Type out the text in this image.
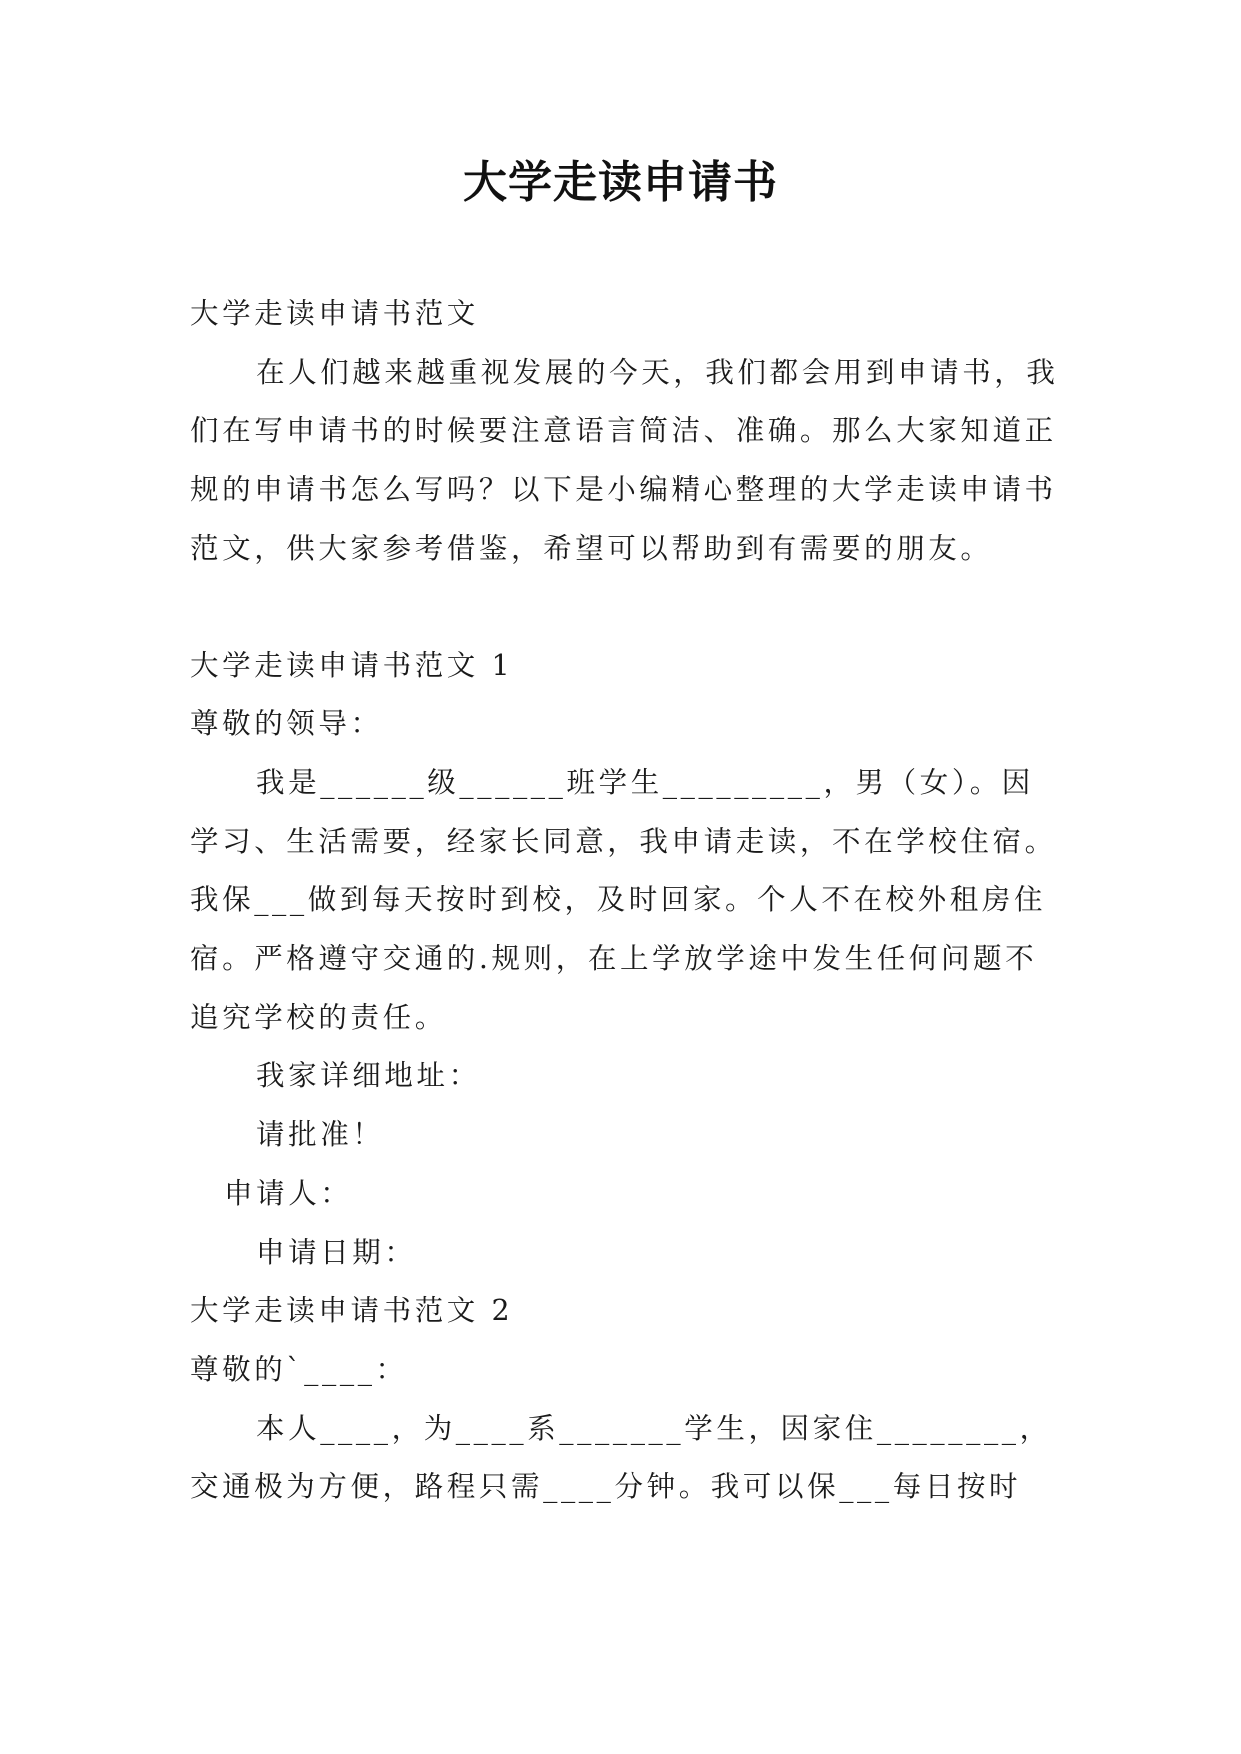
大学走读申请书

大学走读申请书范文

在人们越来越重视发展的今天，我们都会用到申请书，我们在写申请书的时候要注意语言简洁、准确。那么大家知道正规的申请书怎么写吗？以下是小编精心整理的大学走读申请书范文，供大家参考借鉴，希望可以帮助到有需要的朋友。

大学走读申请书范文 1

尊敬的领导：

我是______级______班学生_________，男（女）。因学习、生活需要，经家长同意，我申请走读，不在学校住宿。我保___做到每天按时到校，及时回家。个人不在校外租房住宿。严格遵守交通的.规则，在上学放学途中发生任何问题不追究学校的责任。

我家详细地址：

请批准！

申请人：

申请日期：

大学走读申请书范文 2

尊敬的`____：

本人____，为____系_______学生，因家住________，交通极为方便，路程只需____分钟。我可以保___每日按时
